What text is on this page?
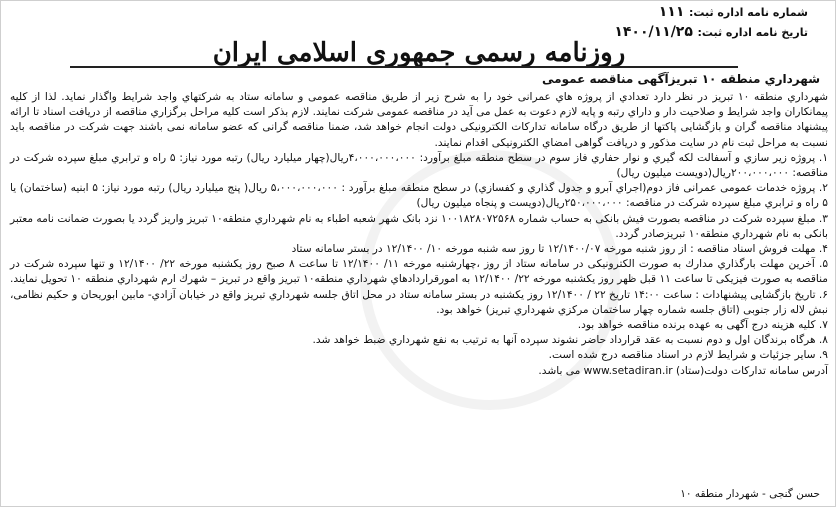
شماره نامه اداره ثبت: ۱۱۱
تاریخ نامه اداره ثبت: ۱۴۰۰/۱۱/۲۵
روزنامه رسمی جمهوری اسلامی ایران
شهرداري منطقه ۱۰ تبریزآگهی مناقصه عمومی

شهرداري منطقه ۱۰ تبریز در نظر دارد تعدادي از پروژه هاي عمرانی خود را به شرح زیر از طریق مناقصه عمومی و سامانه ستاد به شرکتهاي واجد شرایط واگذار نماید. لذا از کلیه پیمانکاران واجد شرایط و صلاحیت دار و داراي رتبه و پایه لازم دعوت به عمل می آید در مناقصه عمومی شرکت نمایند. لازم بذکر است کلیه مراحل برگزاري مناقصه از دریافت اسناد تا ارائه پیشنهاد مناقصه گران و بازگشایی پاکتها از طریق درگاه سامانه تدارکات الکترونیکی دولت انجام خواهد شد، ضمنا مناقصه گرانی که عضو سامانه نمی باشند جهت شرکت در مناقصه باید نسبت به مراحل ثبت نام در سایت مذکور و دریافت گواهی امضاي الکترونیکی اقدام نمایند.

۱. پروژه زیر سازي و آسفالت لکه گیري و نوار حفاري فاز سوم در سطح منطقه مبلغ برآورد: ۴،۰۰۰،۰۰۰،۰۰۰ریال(چهار میلیارد ریال) رتبه مورد نیاز: ۵ راه و ترابري مبلغ سپرده شرکت در مناقصه: ۲۰۰،۰۰۰،۰۰۰ریال(دویست میلیون ریال)

۲. پروژه خدمات عمومی عمرانی فاز دوم(اجراي آبرو و جدول گذاري و کفسازي) در سطح منطقه مبلغ برآورد : ۵،۰۰۰،۰۰۰،۰۰۰ ریال( پنج میلیارد ریال) رتبه مورد نیاز: ۵ ابنیه (ساختمان) یا ۵ راه و ترابري مبلغ سپرده شرکت در مناقصه: ۲۵۰،۰۰۰،۰۰۰ریال(دویست و پنجاه میلیون ریال)

۳. مبلغ سپرده شرکت در مناقصه بصورت فیش بانکی به حساب شماره ۱۰۰۱۸۲۸۰۷۲۵۶۸ نزد بانک شهر شعبه اطباء به نام شهرداري منطقه۱۰ تبریز واریز گردد یا بصورت ضمانت نامه معتبر بانکی به نام شهرداري منطقه۱۰ تبریزصادر گردد.

۴. مهلت فروش اسناد مناقصه : از روز شنبه مورخه ۱۲/۱۴۰۰/۰۷ تا روز سه شنبه مورخه ۱۰/ ۱۲/۱۴۰۰ در بستر سامانه ستاد

۵. آخرین مهلت بارگذاري مدارك به صورت الکترونیکی در سامانه ستاد از روز ،چهارشنبه مورخه ۱۱/ ۱۲/۱۴۰۰ تا ساعت ۸ صبح روز یکشنبه مورخه ۲۲/ ۱۲/۱۴۰۰ و تنها سپرده شرکت در مناقصه به صورت فیزیکی تا ساعت ۱۱ قبل ظهر روز یکشنبه مورخه ۲۲/ ۱۲/۱۴۰۰ به امورقراردادهاي شهرداري منطقه۱۰ تبریز واقع در تبریز – شهرك ارم شهرداري منطقه ۱۰ تحویل نمایند.

۶. تاریخ بازگشایی پیشنهادات : ساعت ۱۴:۰۰ تاریخ ۲۲ / ۱۲/۱۴۰۰ روز یکشنبه در بستر سامانه ستاد در محل اتاق جلسه شهرداري تبریز واقع در خیابان آزادي- مابین ابوریحان و حکیم نظامی، نبش لاله زار جنوبی (اتاق جلسه شماره چهار ساختمان مرکزي شهرداري تبریز) خواهد بود.

۷. کلیه هزینه درج آگهی به عهده برنده مناقصه خواهد بود.

۸. هرگاه برندگان اول و دوم نسبت به عقد قرارداد حاضر نشوند سپرده آنها به ترتیب به نفع شهرداري ضبط خواهد شد.

۹. سایر جزئیات و شرایط لازم در اسناد مناقصه درج شده است.

آدرس سامانه تدارکات دولت(ستاد) www.setadiran.ir می باشد.

حسن گنجی - شهردار منطقه ۱۰
